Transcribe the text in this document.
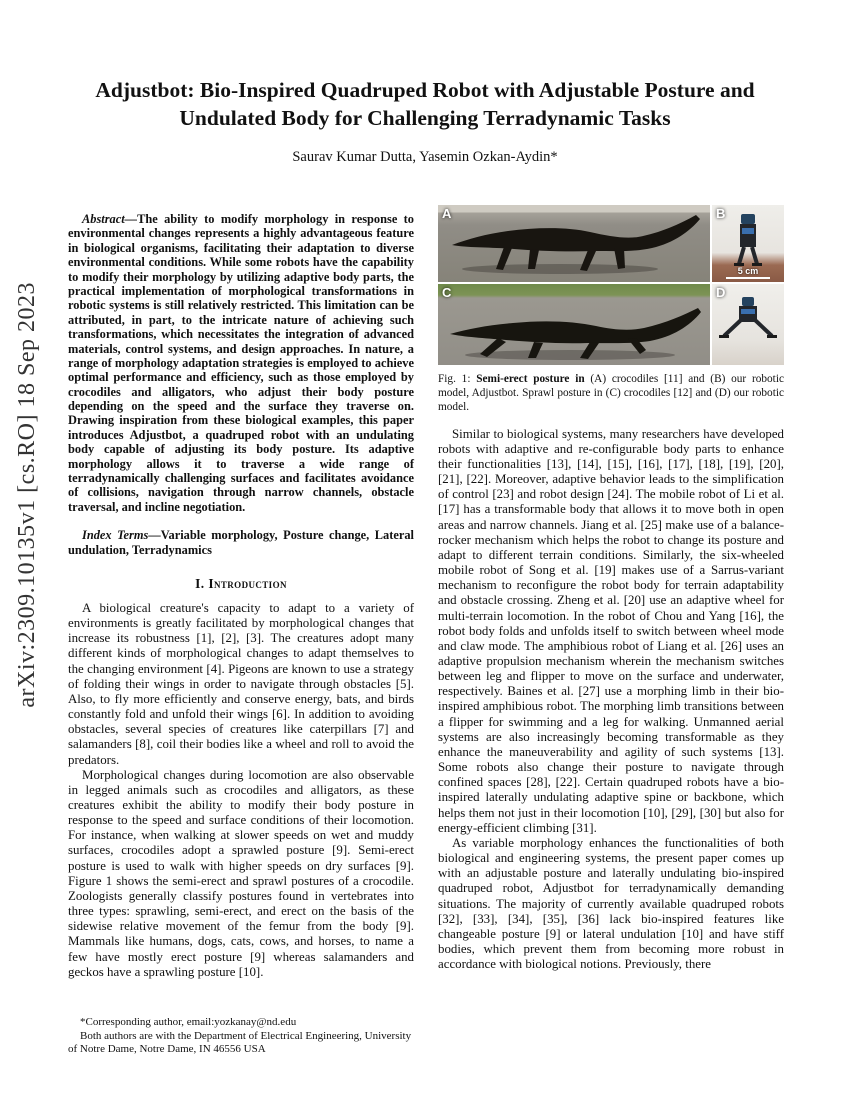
arXiv:2309.10135v1 [cs.RO] 18 Sep 2023
Adjustbot: Bio-Inspired Quadruped Robot with Adjustable Posture and Undulated Body for Challenging Terradynamic Tasks
Saurav Kumar Dutta, Yasemin Ozkan-Aydin*

Abstract—The ability to modify morphology in response to environmental changes represents a highly advantageous feature in biological organisms, facilitating their adaptation to diverse environmental conditions. While some robots have the capability to modify their morphology by utilizing adaptive body parts, the practical implementation of morphological transformations in robotic systems is still relatively restricted. This limitation can be attributed, in part, to the intricate nature of achieving such transformations, which necessitates the integration of advanced materials, control systems, and design approaches. In nature, a range of morphology adaptation strategies is employed to achieve optimal performance and efficiency, such as those employed by crocodiles and alligators, who adjust their body posture depending on the speed and the surface they traverse on. Drawing inspiration from these biological examples, this paper introduces Adjustbot, a quadruped robot with an undulating body capable of adjusting its body posture. Its adaptive morphology allows it to traverse a wide range of terradynamically challenging surfaces and facilitates avoidance of collisions, navigation through narrow channels, obstacle traversal, and incline negotiation.

Index Terms—Variable morphology, Posture change, Lateral undulation, Terradynamics

I. Introduction

A biological creature's capacity to adapt to a variety of environments is greatly facilitated by morphological changes that increase its robustness [1], [2], [3]. The creatures adopt many different kinds of morphological changes to adapt themselves to the changing environment [4]. Pigeons are known to use a strategy of folding their wings in order to navigate through obstacles [5]. Also, to fly more efficiently and conserve energy, bats, and birds constantly fold and unfold their wings [6]. In addition to avoiding obstacles, several species of creatures like caterpillars [7] and salamanders [8], coil their bodies like a wheel and roll to avoid the predators.

Morphological changes during locomotion are also observable in legged animals such as crocodiles and alligators, as these creatures exhibit the ability to modify their body posture in response to the speed and surface conditions of their locomotion. For instance, when walking at slower speeds on wet and muddy surfaces, crocodiles adopt a sprawled posture [9]. Semi-erect posture is used to walk with higher speeds on dry surfaces [9]. Figure 1 shows the semi-erect and sprawl postures of a crocodile. Zoologists generally classify postures found in vertebrates into three types: sprawling, semi-erect, and erect on the basis of the sidewise relative movement of the femur from the body [9]. Mammals like humans, dogs, cats, cows, and horses, to name a few have mostly erect posture [9] whereas salamanders and geckos have a sprawling posture [10].

A	B
5 cm
C	D

Fig. 1: Semi-erect posture in (A) crocodiles [11] and (B) our robotic model, Adjustbot. Sprawl posture in (C) crocodiles [12] and (D) our robotic model.

Similar to biological systems, many researchers have developed robots with adaptive and re-configurable body parts to enhance their functionalities [13], [14], [15], [16], [17], [18], [19], [20], [21], [22]. Moreover, adaptive behavior leads to the simplification of control [23] and robot design [24]. The mobile robot of Li et al. [17] has a transformable body that allows it to move both in open areas and narrow channels. Jiang et al. [25] make use of a balance-rocker mechanism which helps the robot to change its posture and adapt to different terrain conditions. Similarly, the six-wheeled mobile robot of Song et al. [19] makes use of a Sarrus-variant mechanism to reconfigure the robot body for terrain adaptability and obstacle crossing. Zheng et al. [20] use an adaptive wheel for multi-terrain locomotion. In the robot of Chou and Yang [16], the robot body folds and unfolds itself to switch between wheel mode and claw mode. The amphibious robot of Liang et al. [26] uses an adaptive propulsion mechanism wherein the mechanism switches between leg and flipper to move on the surface and underwater, respectively. Baines et al. [27] use a morphing limb in their bio-inspired amphibious robot. The morphing limb transitions between a flipper for swimming and a leg for walking. Unmanned aerial systems are also increasingly becoming transformable as they enhance the maneuverability and agility of such systems [13]. Some robots also change their posture to navigate through confined spaces [28], [22]. Certain quadruped robots have a bio-inspired laterally undulating adaptive spine or backbone, which helps them not just in their locomotion [10], [29], [30] but also for energy-efficient climbing [31].

As variable morphology enhances the functionalities of both biological and engineering systems, the present paper comes up with an adjustable posture and laterally undulating bio-inspired quadruped robot, Adjustbot for terradynamically demanding situations. The majority of currently available quadruped robots [32], [33], [34], [35], [36] lack bio-inspired features like changeable posture [9] or lateral undulation [10] and have stiff bodies, which prevent them from becoming more robust in accordance with biological notions. Previously, there

*Corresponding author, email:yozkanay@nd.edu

Both authors are with the Department of Electrical Engineering, University of Notre Dame, Notre Dame, IN 46556 USA
